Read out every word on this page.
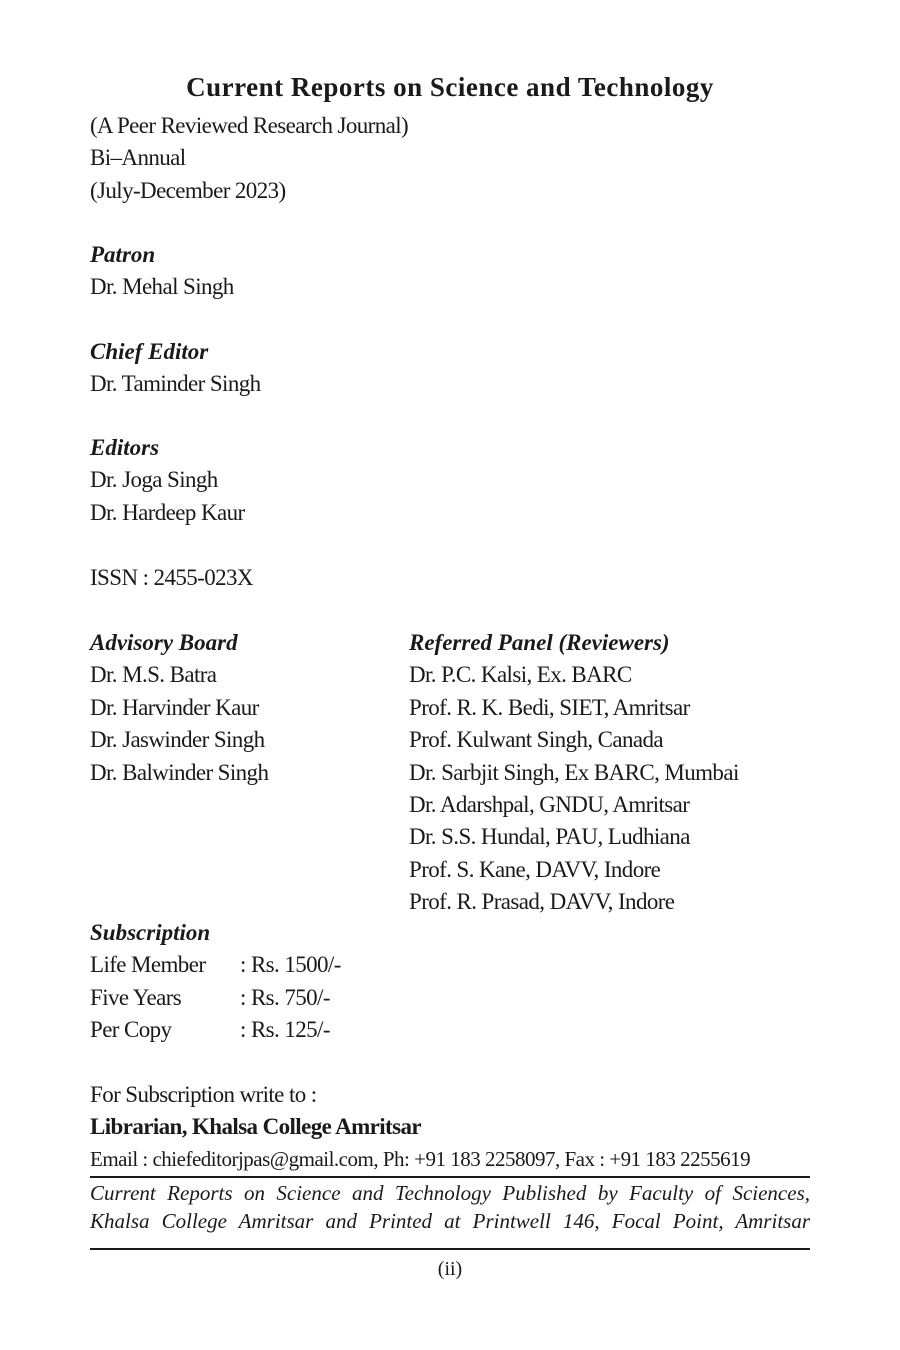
Current Reports on Science and Technology
(A Peer Reviewed Research Journal)
Bi–Annual
(July-December 2023)
Patron
Dr. Mehal Singh
Chief Editor
Dr. Taminder Singh
Editors
Dr. Joga Singh
Dr. Hardeep Kaur
ISSN : 2455-023X
Advisory Board
Dr. M.S. Batra
Dr. Harvinder Kaur
Dr. Jaswinder Singh
Dr. Balwinder Singh
Referred Panel (Reviewers)
Dr. P.C. Kalsi, Ex. BARC
Prof. R. K. Bedi, SIET, Amritsar
Prof. Kulwant Singh, Canada
Dr. Sarbjit Singh, Ex BARC, Mumbai
Dr. Adarshpal, GNDU, Amritsar
Dr. S.S. Hundal, PAU, Ludhiana
Prof. S. Kane, DAVV, Indore
Prof. R. Prasad, DAVV, Indore
Subscription
Life Member	: Rs. 1500/-
Five Years	: Rs. 750/-
Per Copy	: Rs. 125/-
For Subscription write to :
Librarian, Khalsa College Amritsar
Email : chiefeditorjpas@gmail.com, Ph: +91 183 2258097, Fax : +91 183 2255619
Current Reports on Science and Technology Published by Faculty of Sciences,
Khalsa College Amritsar and Printed at Printwell 146, Focal Point, Amritsar
(ii)
